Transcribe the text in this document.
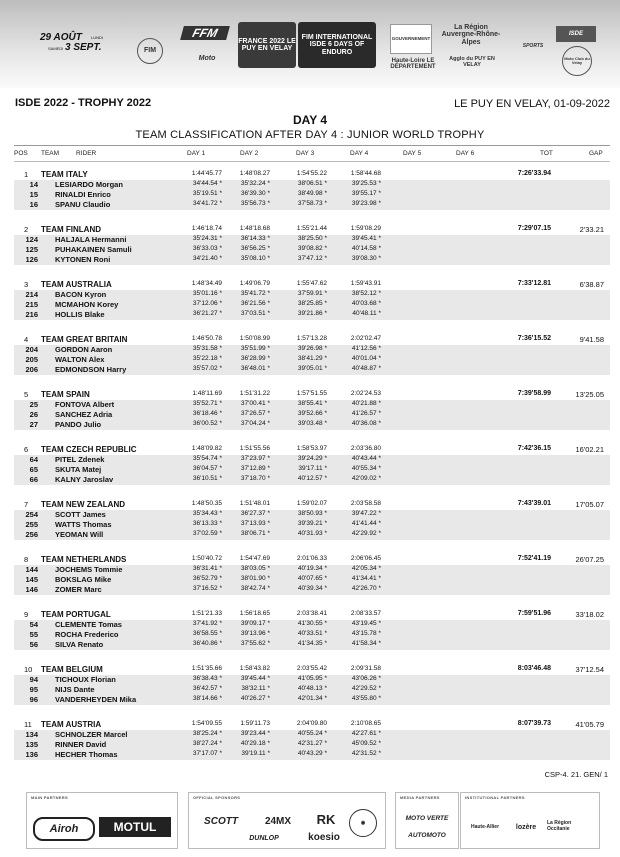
29 AOÛT LUNDI
SAMEDI 3 SEPT.	FIM
FFM
Moto
FRANCE 2022 LE PUY EN VELAY
FIM INTERNATIONAL ISDE 6 DAYS OF ENDURO
GOUVERNEMENT
La Région Auvergne-Rhône-Alpes
Haute-Loire LE DÉPARTEMENT
Agglo du PUY EN VELAY
SPORTS
ISDE
Moto Club du Velay
ISDE 2022 - TROPHY 2022	LE PUY EN VELAY, 01-09-2022
DAY 4
TEAM CLASSIFICATION AFTER DAY 4 : JUNIOR WORLD TROPHY
POS TEAM	RIDER	DAY 1	DAY 2	DAY 3	DAY 4	DAY 5	DAY 6	TOT	GAP
1 TEAM ITALY	1:44'45.77	1:48'08.27	1:54'55.22	1:58'44.68	7:26'33.94
14 LESIARDO Morgan	34'44.54 *	35'32.24 *	38'06.51 *	39'25.53 *
15 RINALDI Enrico	35'19.51 *	36'39.30 *	38'49.98 *	39'55.17 *
16 SPANU Claudio	34'41.72 *	35'56.73 *	37'58.73 *	39'23.98 *
2 TEAM FINLAND	1:46'18.74	1:48'18.68	1:55'21.44	1:59'08.29	7:29'07.15	2'33.21
124 HALJALA Hermanni	35'24.31 *	36'14.33 *	38'25.50 *	39'45.41 *
125 PUHAKAINEN Samuli	36'33.03 *	36'56.25 *	39'08.82 *	40'14.58 *
126 KYTONEN Roni	34'21.40 *	35'08.10 *	37'47.12 *	39'08.30 *
3 TEAM AUSTRALIA	1:48'34.49	1:49'06.79	1:55'47.62	1:59'43.91	7:33'12.81	6'38.87
214 BACON Kyron	35'01.16 *	35'41.72 *	37'59.91 *	38'52.12 *
215 MCMAHON Korey	37'12.06 *	36'21.56 *	38'25.85 *	40'03.68 *
216 HOLLIS Blake	36'21.27 *	37'03.51 *	39'21.86 *	40'48.11 *
4 TEAM GREAT BRITAIN	1:46'50.78	1:50'08.99	1:57'13.28	2:02'02.47	7:36'15.52	9'41.58
204 GORDON Aaron	35'31.58 *	35'51.99 *	39'26.98 *	41'12.56 *
205 WALTON Alex	35'22.18 *	36'28.99 *	38'41.29 *	40'01.04 *
206 EDMONDSON Harry	35'57.02 *	36'48.01 *	39'05.01 *	40'48.87 *
5 TEAM SPAIN	1:48'11.69	1:51'31.22	1:57'51.55	2:02'24.53	7:39'58.99	13'25.05
25 FONTOVA Albert	35'52.71 *	37'00.41 *	38'55.41 *	40'21.88 *
26 SANCHEZ Adria	36'18.46 *	37'26.57 *	39'52.66 *	41'26.57 *
27 PANDO Julio	36'00.52 *	37'04.24 *	39'03.48 *	40'36.08 *
6 TEAM CZECH REPUBLIC	1:48'09.82	1:51'55.56	1:58'53.97	2:03'36.80	7:42'36.15	16'02.21
64 PITEL Zdenek	35'54.74 *	37'23.97 *	39'24.29 *	40'43.44 *
65 SKUTA Matej	36'04.57 *	37'12.89 *	39'17.11 *	40'55.34 *
66 KALNY Jaroslav	36'10.51 *	37'18.70 *	40'12.57 *	42'09.02 *
7 TEAM NEW ZEALAND	1:48'50.35	1:51'48.01	1:59'02.07	2:03'58.58	7:43'39.01	17'05.07
254 SCOTT James	35'34.43 *	36'27.37 *	38'50.93 *	39'47.22 *
255 WATTS Thomas	36'13.33 *	37'13.93 *	39'39.21 *	41'41.44 *
256 YEOMAN Will	37'02.59 *	38'06.71 *	40'31.93 *	42'29.92 *
8 TEAM NETHERLANDS	1:50'40.72	1:54'47.69	2:01'06.33	2:06'06.45	7:52'41.19	26'07.25
144 JOCHEMS Tommie	36'31.41 *	38'03.05 *	40'19.34 *	42'05.34 *
145 BOKSLAG Mike	36'52.79 *	38'01.90 *	40'07.65 *	41'34.41 *
146 ZOMER Marc	37'16.52 *	38'42.74 *	40'39.34 *	42'26.70 *
9 TEAM PORTUGAL	1:51'21.33	1:56'18.65	2:03'38.41	2:08'33.57	7:59'51.96	33'18.02
54 CLEMENTE Tomas	37'41.92 *	39'09.17 *	41'30.55 *	43'19.45 *
55 ROCHA Frederico	36'58.55 *	39'13.96 *	40'33.51 *	43'15.78 *
56 SILVA Renato	36'40.86 *	37'55.62 *	41'34.35 *	41'58.34 *
10 TEAM BELGIUM	1:51'35.66	1:58'43.82	2:03'55.42	2:09'31.58	8:03'46.48	37'12.54
94 TICHOUX Florian	36'38.43 *	39'45.44 *	41'05.95 *	43'06.26 *
95 NIJS Dante	36'42.57 *	38'32.11 *	40'48.13 *	42'29.52 *
96 VANDERHEYDEN Mika	38'14.66 *	40'26.27 *	42'01.34 *	43'55.80 *
11 TEAM AUSTRIA	1:54'09.55	1:59'11.73	2:04'09.80	2:10'08.65	8:07'39.73	41'05.79
134 SCHNOLZER Marcel	38'25.24 *	39'23.44 *	40'55.24 *	42'27.61 *
135 RINNER David	38'27.24 *	40'29.18 *	42'31.27 *	45'09.52 *
136 HECHER Thomas	37'17.07 *	39'19.11 *	40'43.29 *	42'31.52 *
CSP-4. 21. GEN/ 1
MAIN PARTNERS
Airoh	MOTUL
OFFICIAL SPONSORS
SCOTT	24MX	RK	◉
DUNLOP	koesio
MEDIA PARTNERS
MOTO VERTE
AUTOMOTO
INSTITUTIONAL PARTNERS
Haute-Allier	lozère
La Région Occitanie
